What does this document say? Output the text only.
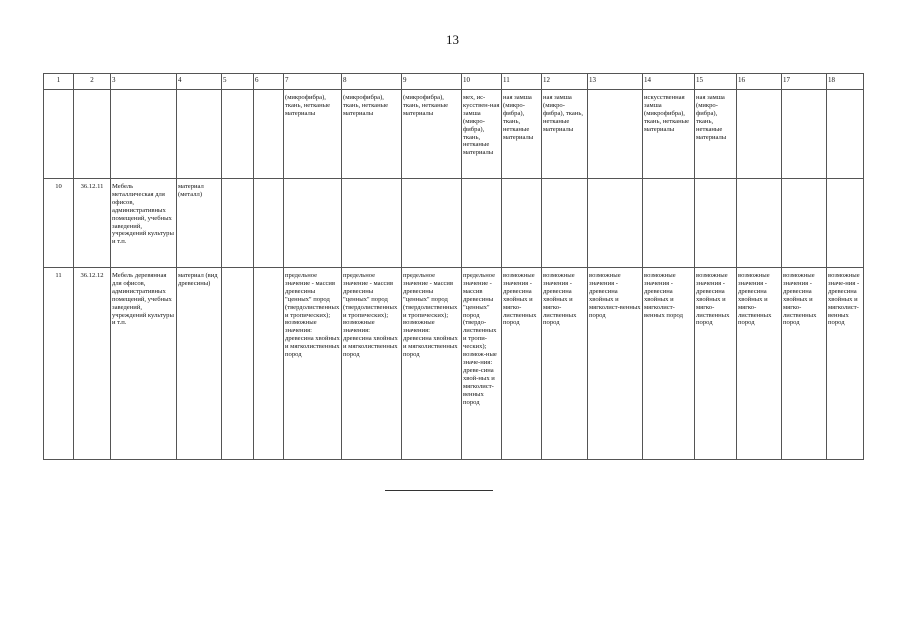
13
1	2	3	4	5	6	7	8	9	10	11	12	13	14	15	16	17	18
						(микрофибра), ткань, нетканые материалы	(микрофибра), ткань, нетканые материалы	(микрофибра), ткань, нетканые материалы	мех, ис-кусствен-ная замша (микро-фибра), ткань, нетканые материалы	ная замша (микро-фибра), ткань, нетканые материалы	ная замша (микро-фибра), ткань, нетканые материалы		искусственная замша (микрофибра), ткань, нетканые материалы	ная замша (микро-фибра), ткань, нетканые материалы			
10	36.12.11	Мебель металлическая для офисов, административных помещений, учебных заведений, учреждений культуры и т.п.	материал (металл)														
11	36.12.12	Мебель деревянная для офисов, административных помещений, учебных заведений, учреждений культуры и т.п.	материал (вид древесины)			предельное значение - массив древесины "ценных" пород (твердолиственных и тропических); возможные значения: древесина хвойных и мягколиственных пород	предельное значение - массив древесины "ценных" пород (твердолиственных и тропических); возможные значения: древесина хвойных и мягколиственных пород	предельное значение - массив древесины "ценных" пород (твердолиственных и тропических); возможные значения: древесина хвойных и мягколиственных пород	предельное значение - массив древесины "ценных" пород (твердо-лиственных и тропи-ческих); возмож-ные значе-ния: древе-сина хвой-ных и мягколист-венных пород	возможные значения - древесина хвойных и мягко-лиственных пород	возможные значения - древесина хвойных и мягко-лиственных пород	возможные значения - древесина хвойных и мягколист-венных пород	возможные значения - древесина хвойных и мягколист-венных пород	возможные значения - древесина хвойных и мягко-лиственных пород	возможные значения - древесина хвойных и мягко-лиственных пород	возможные значения - древесина хвойных и мягко-лиственных пород	возможные значе-ния - древесина хвойных и мягколист-венных пород
